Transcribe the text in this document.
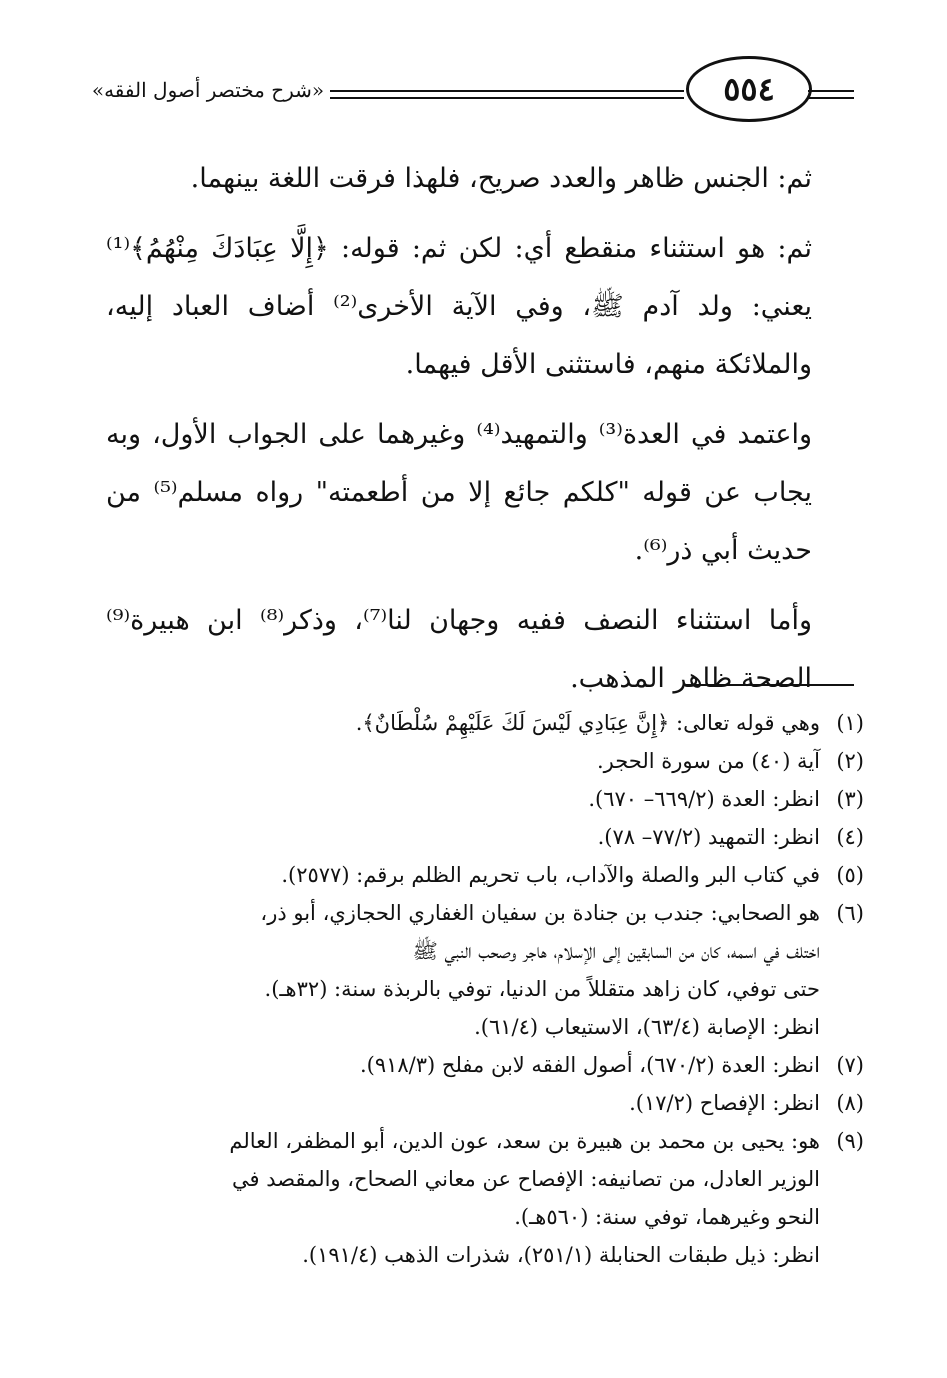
«شرح مختصر أصول الفقه»	٥٥٤

ثم: الجنس ظاهر والعدد صريح، فلهذا فرقت اللغة بينهما.

ثم: هو استثناء منقطع أي: لكن ثم: قوله: ﴿إِلَّا عِبَادَكَ مِنْهُمُ﴾⁽¹⁾ يعني: ولد آدم ﷺ، وفي الآية الأخرى⁽²⁾ أضاف العباد إليه، والملائكة منهم، فاستثنى الأقل فيهما.

واعتمد في العدة⁽³⁾ والتمهيد⁽⁴⁾ وغيرهما على الجواب الأول، وبه يجاب عن قوله "كلكم جائع إلا من أطعمته" رواه مسلم⁽⁵⁾ من حديث أبي ذر⁽⁶⁾.

وأما استثناء النصف ففيه وجهان لنا⁽⁷⁾، وذكر⁽⁸⁾ ابن هبيرة⁽⁹⁾ الصحة ظاهر المذهب.

(١)
وهي قوله تعالى: ﴿إِنَّ عِبَادِي لَيْسَ لَكَ عَلَيْهِمْ سُلْطَانٌ﴾.
(٢)
آية (٤٠) من سورة الحجر.
(٣)
انظر: العدة (٦٦٩/٢– ٦٧٠).
(٤)
انظر: التمهيد (٧٧/٢– ٧٨).
(٥)
في كتاب البر والصلة والآداب، باب تحريم الظلم برقم: (٢٥٧٧).
(٦)
هو الصحابي: جندب بن جنادة بن سفيان الغفاري الحجازي، أبو ذر،
اختلف في اسمه، كان من السابقين إلى الإسلام، هاجر وصحب النبي ﷺ
حتى توفي، كان زاهد متقللاً من الدنيا، توفي بالربذة سنة: (٣٢هـ).
انظر: الإصابة (٦٣/٤)، الاستيعاب (٦١/٤).
(٧)
انظر: العدة (٦٧٠/٢)، أصول الفقه لابن مفلح (٩١٨/٣).
(٨)
انظر: الإفصاح (١٧/٢).
(٩)
هو: يحيى بن محمد بن هبيرة بن سعد، عون الدين، أبو المظفر، العالم
الوزير العادل، من تصانيفه: الإفصاح عن معاني الصحاح، والمقصد في
النحو وغيرهما، توفي سنة: (٥٦٠هـ).
انظر: ذيل طبقات الحنابلة (٢٥١/١)، شذرات الذهب (١٩١/٤).
